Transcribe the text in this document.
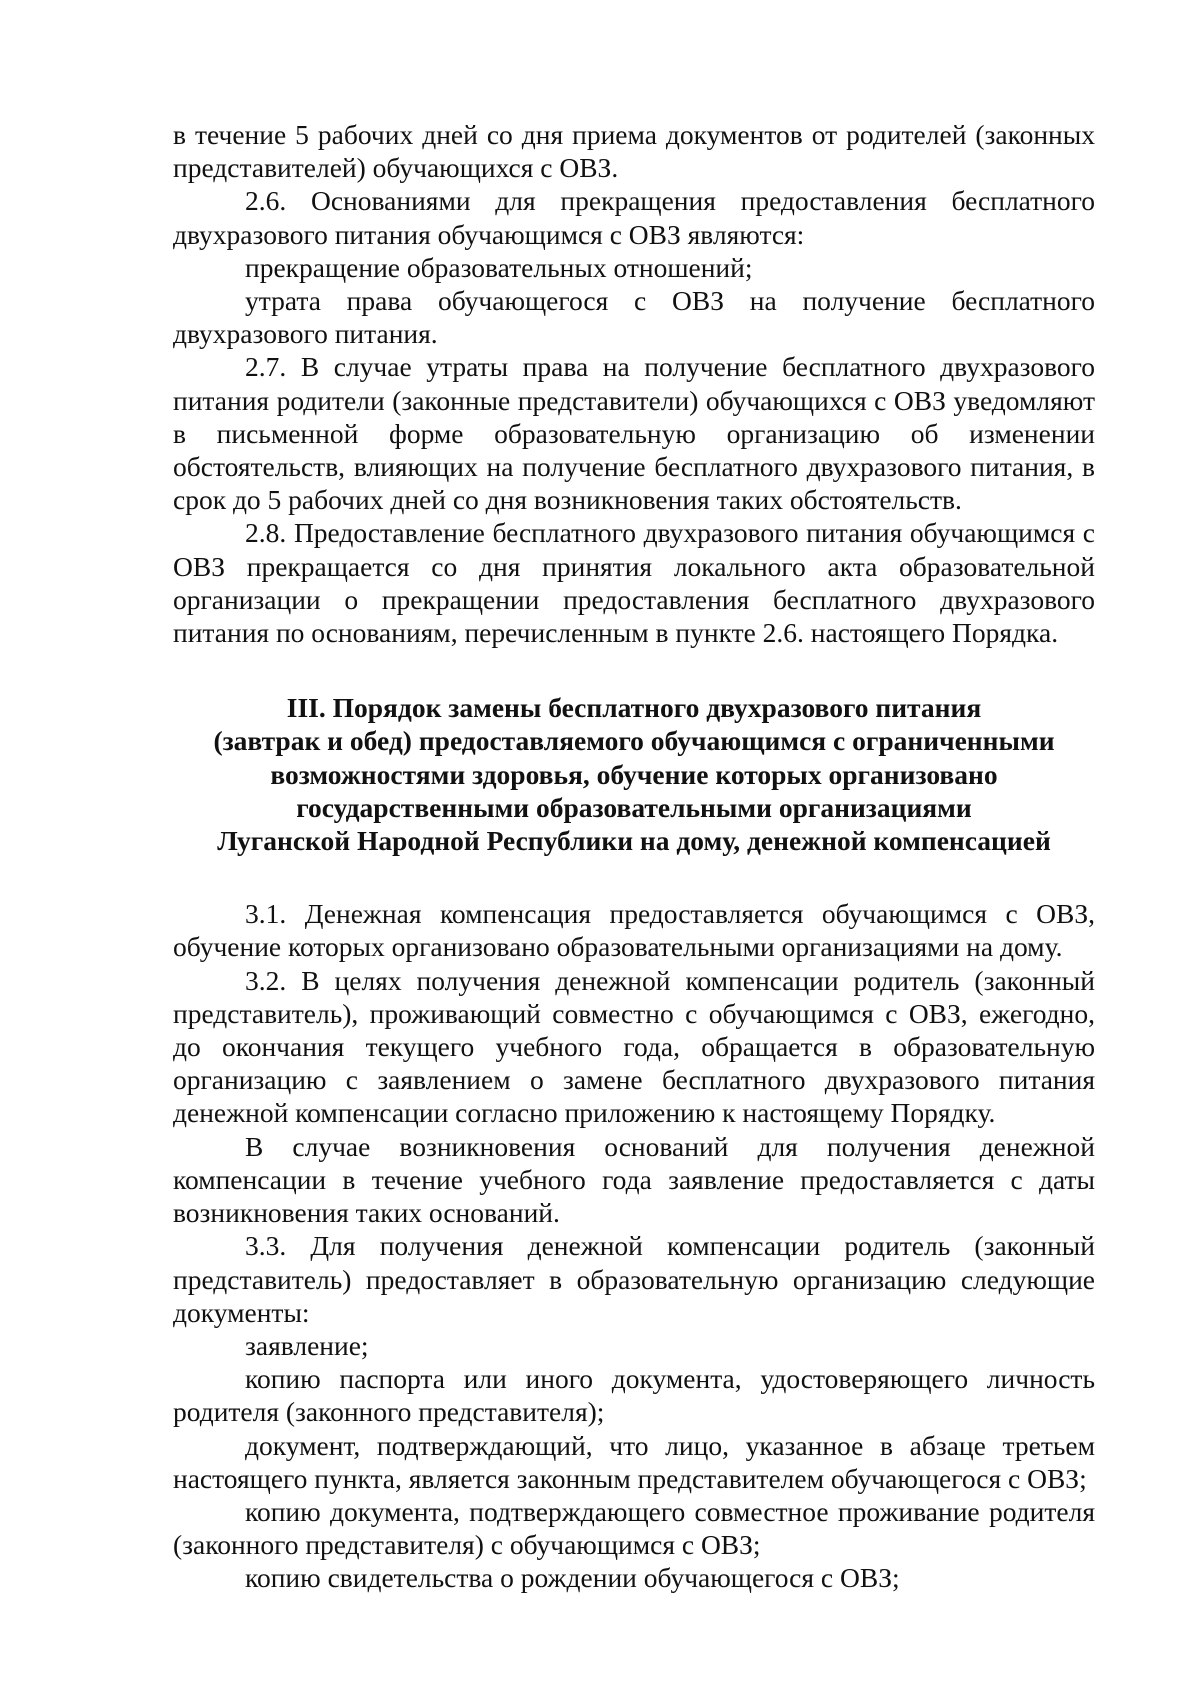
в течение 5 рабочих дней со дня приема документов от родителей (законных представителей) обучающихся с ОВЗ.

2.6. Основаниями для прекращения предоставления бесплатного двухразового питания обучающимся с ОВЗ являются:

прекращение образовательных отношений;

утрата права обучающегося с ОВЗ на получение бесплатного двухразового питания.

2.7. В случае утраты права на получение бесплатного двухразового питания родители (законные представители) обучающихся с ОВЗ уведомляют в письменной форме образовательную организацию об изменении обстоятельств, влияющих на получение бесплатного двухразового питания, в срок до 5 рабочих дней со дня возникновения таких обстоятельств.

2.8. Предоставление бесплатного двухразового питания обучающимся с ОВЗ прекращается со дня принятия локального акта образовательной организации о прекращении предоставления бесплатного двухразового питания по основаниям, перечисленным в пункте 2.6. настоящего Порядка.

III. Порядок замены бесплатного двухразового питания
(завтрак и обед) предоставляемого обучающимся с ограниченными
возможностями здоровья, обучение которых организовано
государственными образовательными организациями
Луганской Народной Республики на дому, денежной компенсацией

3.1. Денежная компенсация предоставляется обучающимся с ОВЗ, обучение которых организовано образовательными организациями на дому.

3.2. В целях получения денежной компенсации родитель (законный представитель), проживающий совместно с обучающимся с ОВЗ, ежегодно, до окончания текущего учебного года, обращается в образовательную организацию с заявлением о замене бесплатного двухразового питания денежной компенсации согласно приложению к настоящему Порядку.

В случае возникновения оснований для получения денежной компенсации в течение учебного года заявление предоставляется с даты возникновения таких оснований.

3.3. Для получения денежной компенсации родитель (законный представитель) предоставляет в образовательную организацию следующие документы:

заявление;

копию паспорта или иного документа, удостоверяющего личность родителя (законного представителя);

документ, подтверждающий, что лицо, указанное в абзаце третьем настоящего пункта, является законным представителем обучающегося с ОВЗ;

копию документа, подтверждающего совместное проживание родителя (законного представителя) с обучающимся с ОВЗ;

копию свидетельства о рождении обучающегося с ОВЗ;
